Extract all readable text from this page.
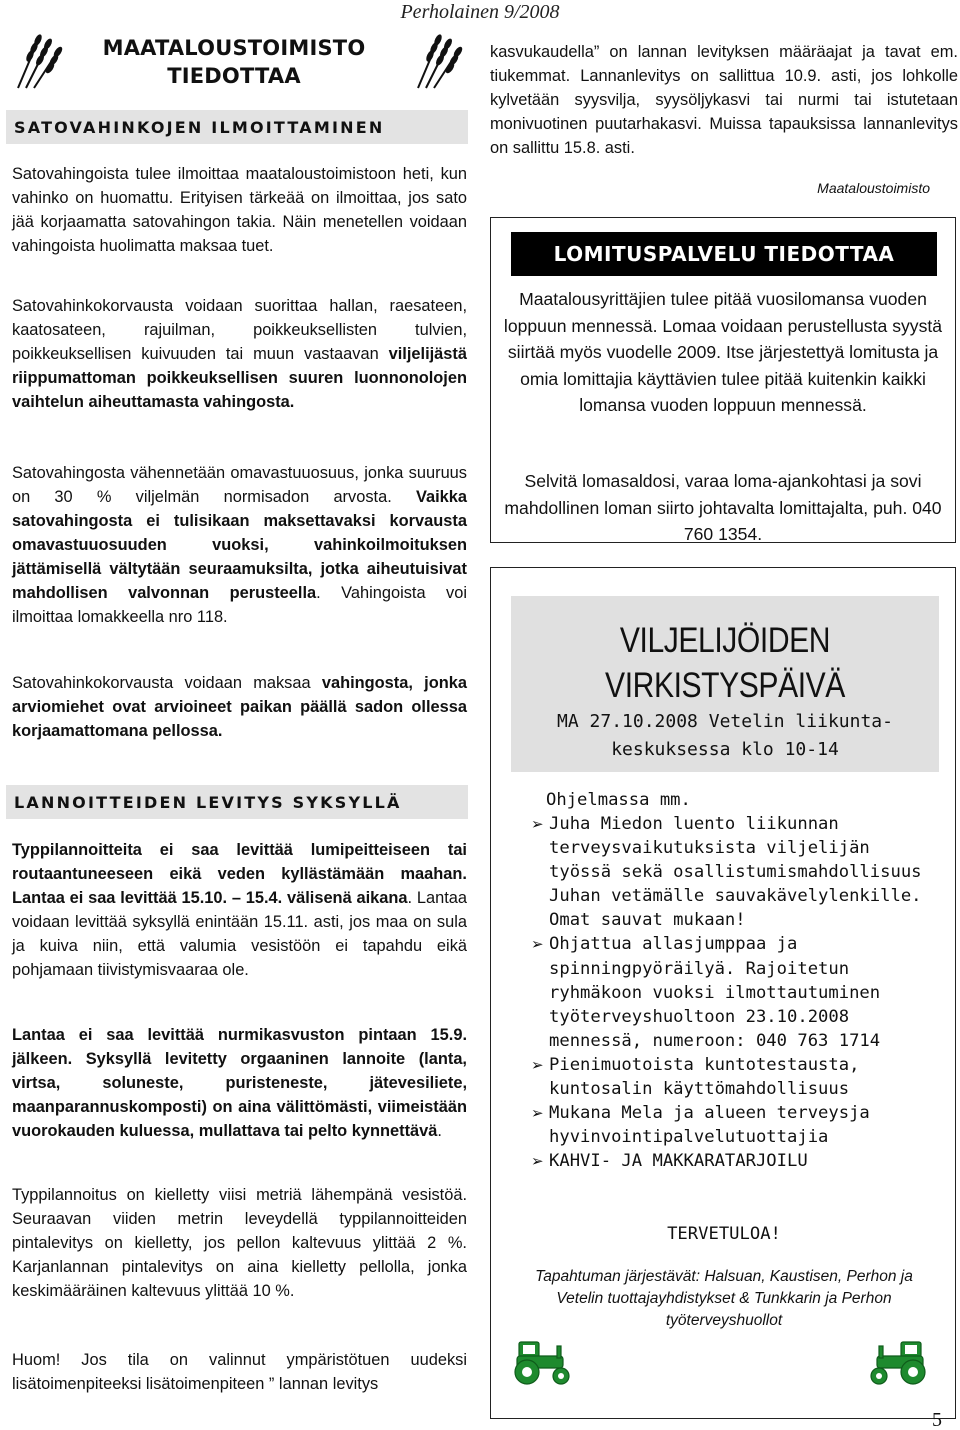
Perholainen 9/2008
MAATALOUSTOIMISTO
TIEDOTTAA
SATOVAHINKOJEN ILMOITTAMINEN

Satovahingoista tulee ilmoittaa maataloustoimistoon heti, kun vahinko on huomattu. Erityisen tärkeää on ilmoittaa, jos sato jää korjaamatta satovahingon takia. Näin menetellen voidaan vahingoista huolimatta maksaa tuet.

Satovahinkokorvausta voidaan suorittaa hallan, raesateen, kaatosateen, rajuilman, poikkeuksellisten tulvien, poikkeuksellisen kuivuuden tai muun vastaavan viljelijästä riippumattoman poikkeuksellisen suuren luonnonolojen vaihtelun aiheuttamasta vahingosta.

Satovahingosta vähennetään omavastuuosuus, jonka suuruus on 30 % viljelmän normisadon arvosta. Vaikka satovahingosta ei tulisikaan maksettavaksi korvausta omavastuuosuuden vuoksi, vahinkoilmoituksen jättämisellä vältytään seuraamuksilta, jotka aiheutuisivat mahdollisen valvonnan perusteella. Vahingoista voi ilmoittaa lomakkeella nro 118.

Satovahinkokorvausta voidaan maksaa vahingosta, jonka arviomiehet ovat arvioineet paikan päällä sadon ollessa korjaamattomana pellossa.

LANNOITTEIDEN LEVITYS SYKSYLLÄ

Typpilannoitteita ei saa levittää lumipeitteiseen tai routaantuneeseen eikä veden kyllästämään maahan. Lantaa ei saa levittää 15.10. – 15.4. välisenä aikana. Lantaa voidaan levittää syksyllä enintään 15.11. asti, jos maa on sula ja kuiva niin, että valumia vesistöön ei tapahdu eikä pohjamaan tiivistymisvaaraa ole.

Lantaa ei saa levittää nurmikasvuston pintaan 15.9. jälkeen. Syksyllä levitetty orgaaninen lannoite (lanta, virtsa, soluneste, puristeneste, jätevesiliete, maanparannuskomposti) on aina välittömästi, viimeistään vuorokauden kuluessa, mullattava tai pelto kynnettävä.

Typpilannoitus on kielletty viisi metriä lähempänä vesistöä. Seuraavan viiden metrin leveydellä typpilannoitteiden pintalevitys on kielletty, jos pellon kaltevuus ylittää 2 %. Karjanlannan pintalevitys on aina kielletty pellolla, jonka keskimääräinen kaltevuus ylittää 10 %.

Huom! Jos tila on valinnut ympäristötuen uudeksi lisätoimenpiteeksi lisätoimenpiteen ” lannan levitys

kasvukaudella” on lannan levityksen määräajat ja tavat em. tiukemmat. Lannanlevitys on sallittua 10.9. asti, jos lohkolle kylvetään syysvilja, syysöljykasvi tai nurmi tai istutetaan monivuotinen puutarhakasvi. Muissa tapauksissa lannanlevitys on sallittu 15.8. asti.
Maataloustoimisto
LOMITUSPALVELU TIEDOTTAA
Maatalousyrittäjien tulee pitää vuosilomansa vuoden loppuun mennessä. Lomaa voidaan perustellusta syystä siirtää myös vuodelle 2009. Itse järjestettyä lomitusta ja omia lomittajia käyttävien tulee pitää kuitenkin kaikki lomansa vuoden loppuun mennessä.
Selvitä lomasaldosi, varaa loma-ajankohtasi ja sovi mahdollinen loman siirto johtavalta lomittajalta, puh. 040 760 1354.
VILJELIJÖIDEN
VIRKISTYSPÄIVÄ
MA 27.10.2008 Vetelin liikunta-
keskuksessa klo 10-14
Ohjelmassa mm.
➢ Juha Miedon luento liikunnan terveysvaikutuksista viljelijän työssä sekä osallistumismahdollisuus Juhan vetämälle sauvakävelylenkille. Omat sauvat mukaan!
➢ Ohjattua allasjumppaa ja spinningpyöräilyä. Rajoitetun ryhmäkoon vuoksi ilmottautuminen työterveyshuoltoon 23.10.2008 mennessä, numeroon: 040 763 1714
➢ Pienimuotoista kuntotestausta, kuntosalin käyttömahdollisuus
➢ Mukana Mela ja alueen terveysja hyvinvointipalvelutuottajia
➢ KAHVI- JA MAKKARATARJOILU
TERVETULOA!
Tapahtuman järjestävät: Halsuan, Kaustisen, Perhon ja Vetelin tuottajayhdistykset & Tunkkarin ja Perhon työterveyshuollot
5
